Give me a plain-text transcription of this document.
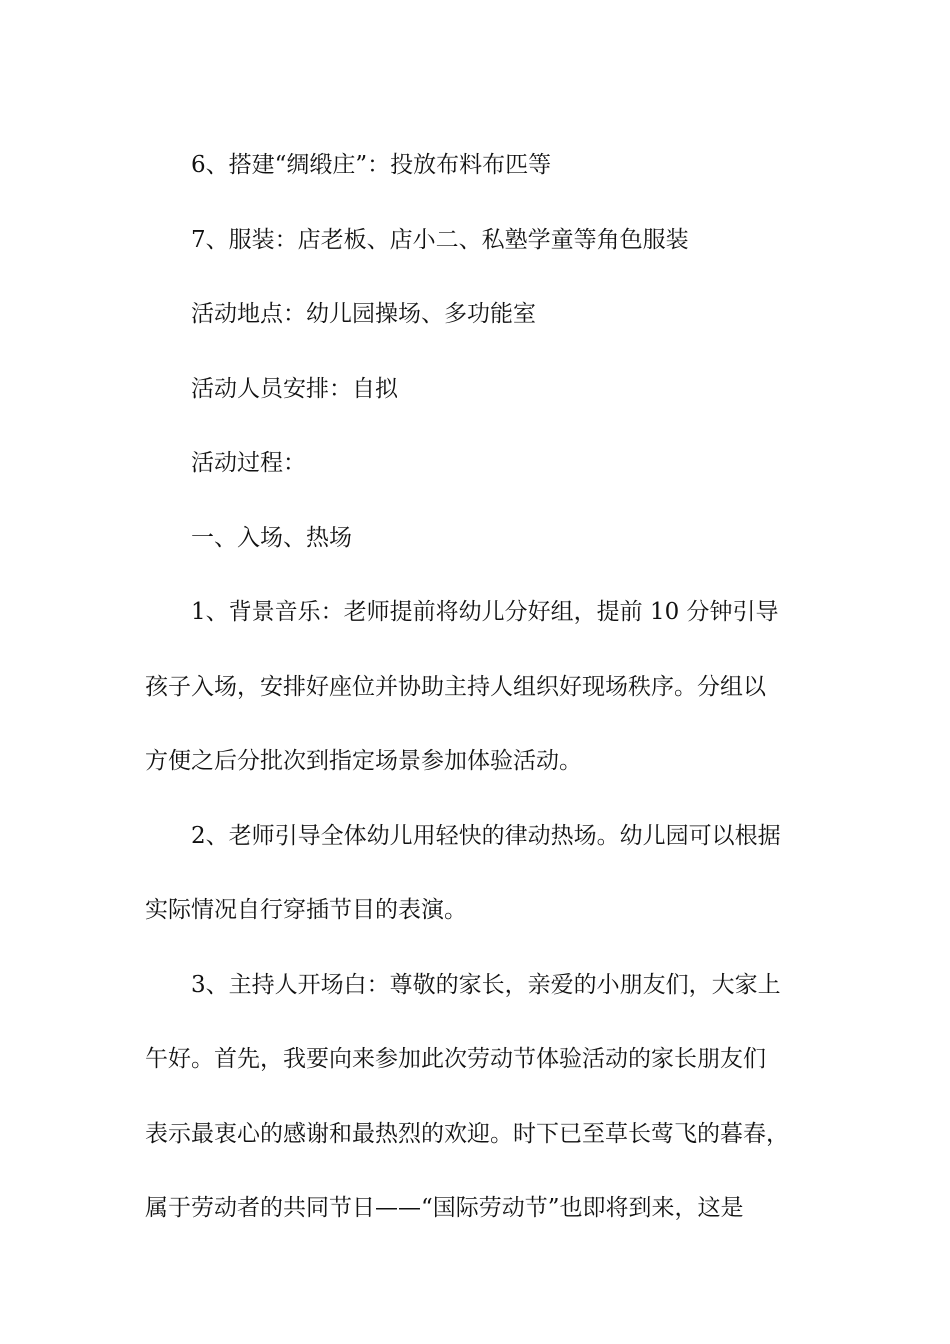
6、搭建“绸缎庄”：投放布料布匹等

7、服装：店老板、店小二、私塾学童等角色服装

活动地点：幼儿园操场、多功能室

活动人员安排：自拟

活动过程：

一、入场、热场

1、背景音乐：老师提前将幼儿分好组，提前 10 分钟引导
孩子入场，安排好座位并协助主持人组织好现场秩序。分组以
方便之后分批次到指定场景参加体验活动。

2、老师引导全体幼儿用轻快的律动热场。幼儿园可以根据
实际情况自行穿插节目的表演。

3、主持人开场白：尊敬的家长，亲爱的小朋友们，大家上
午好。首先，我要向来参加此次劳动节体验活动的家长朋友们
表示最衷心的感谢和最热烈的欢迎。时下已至草长莺飞的暮春，
属于劳动者的共同节日——“国际劳动节”也即将到来，这是
